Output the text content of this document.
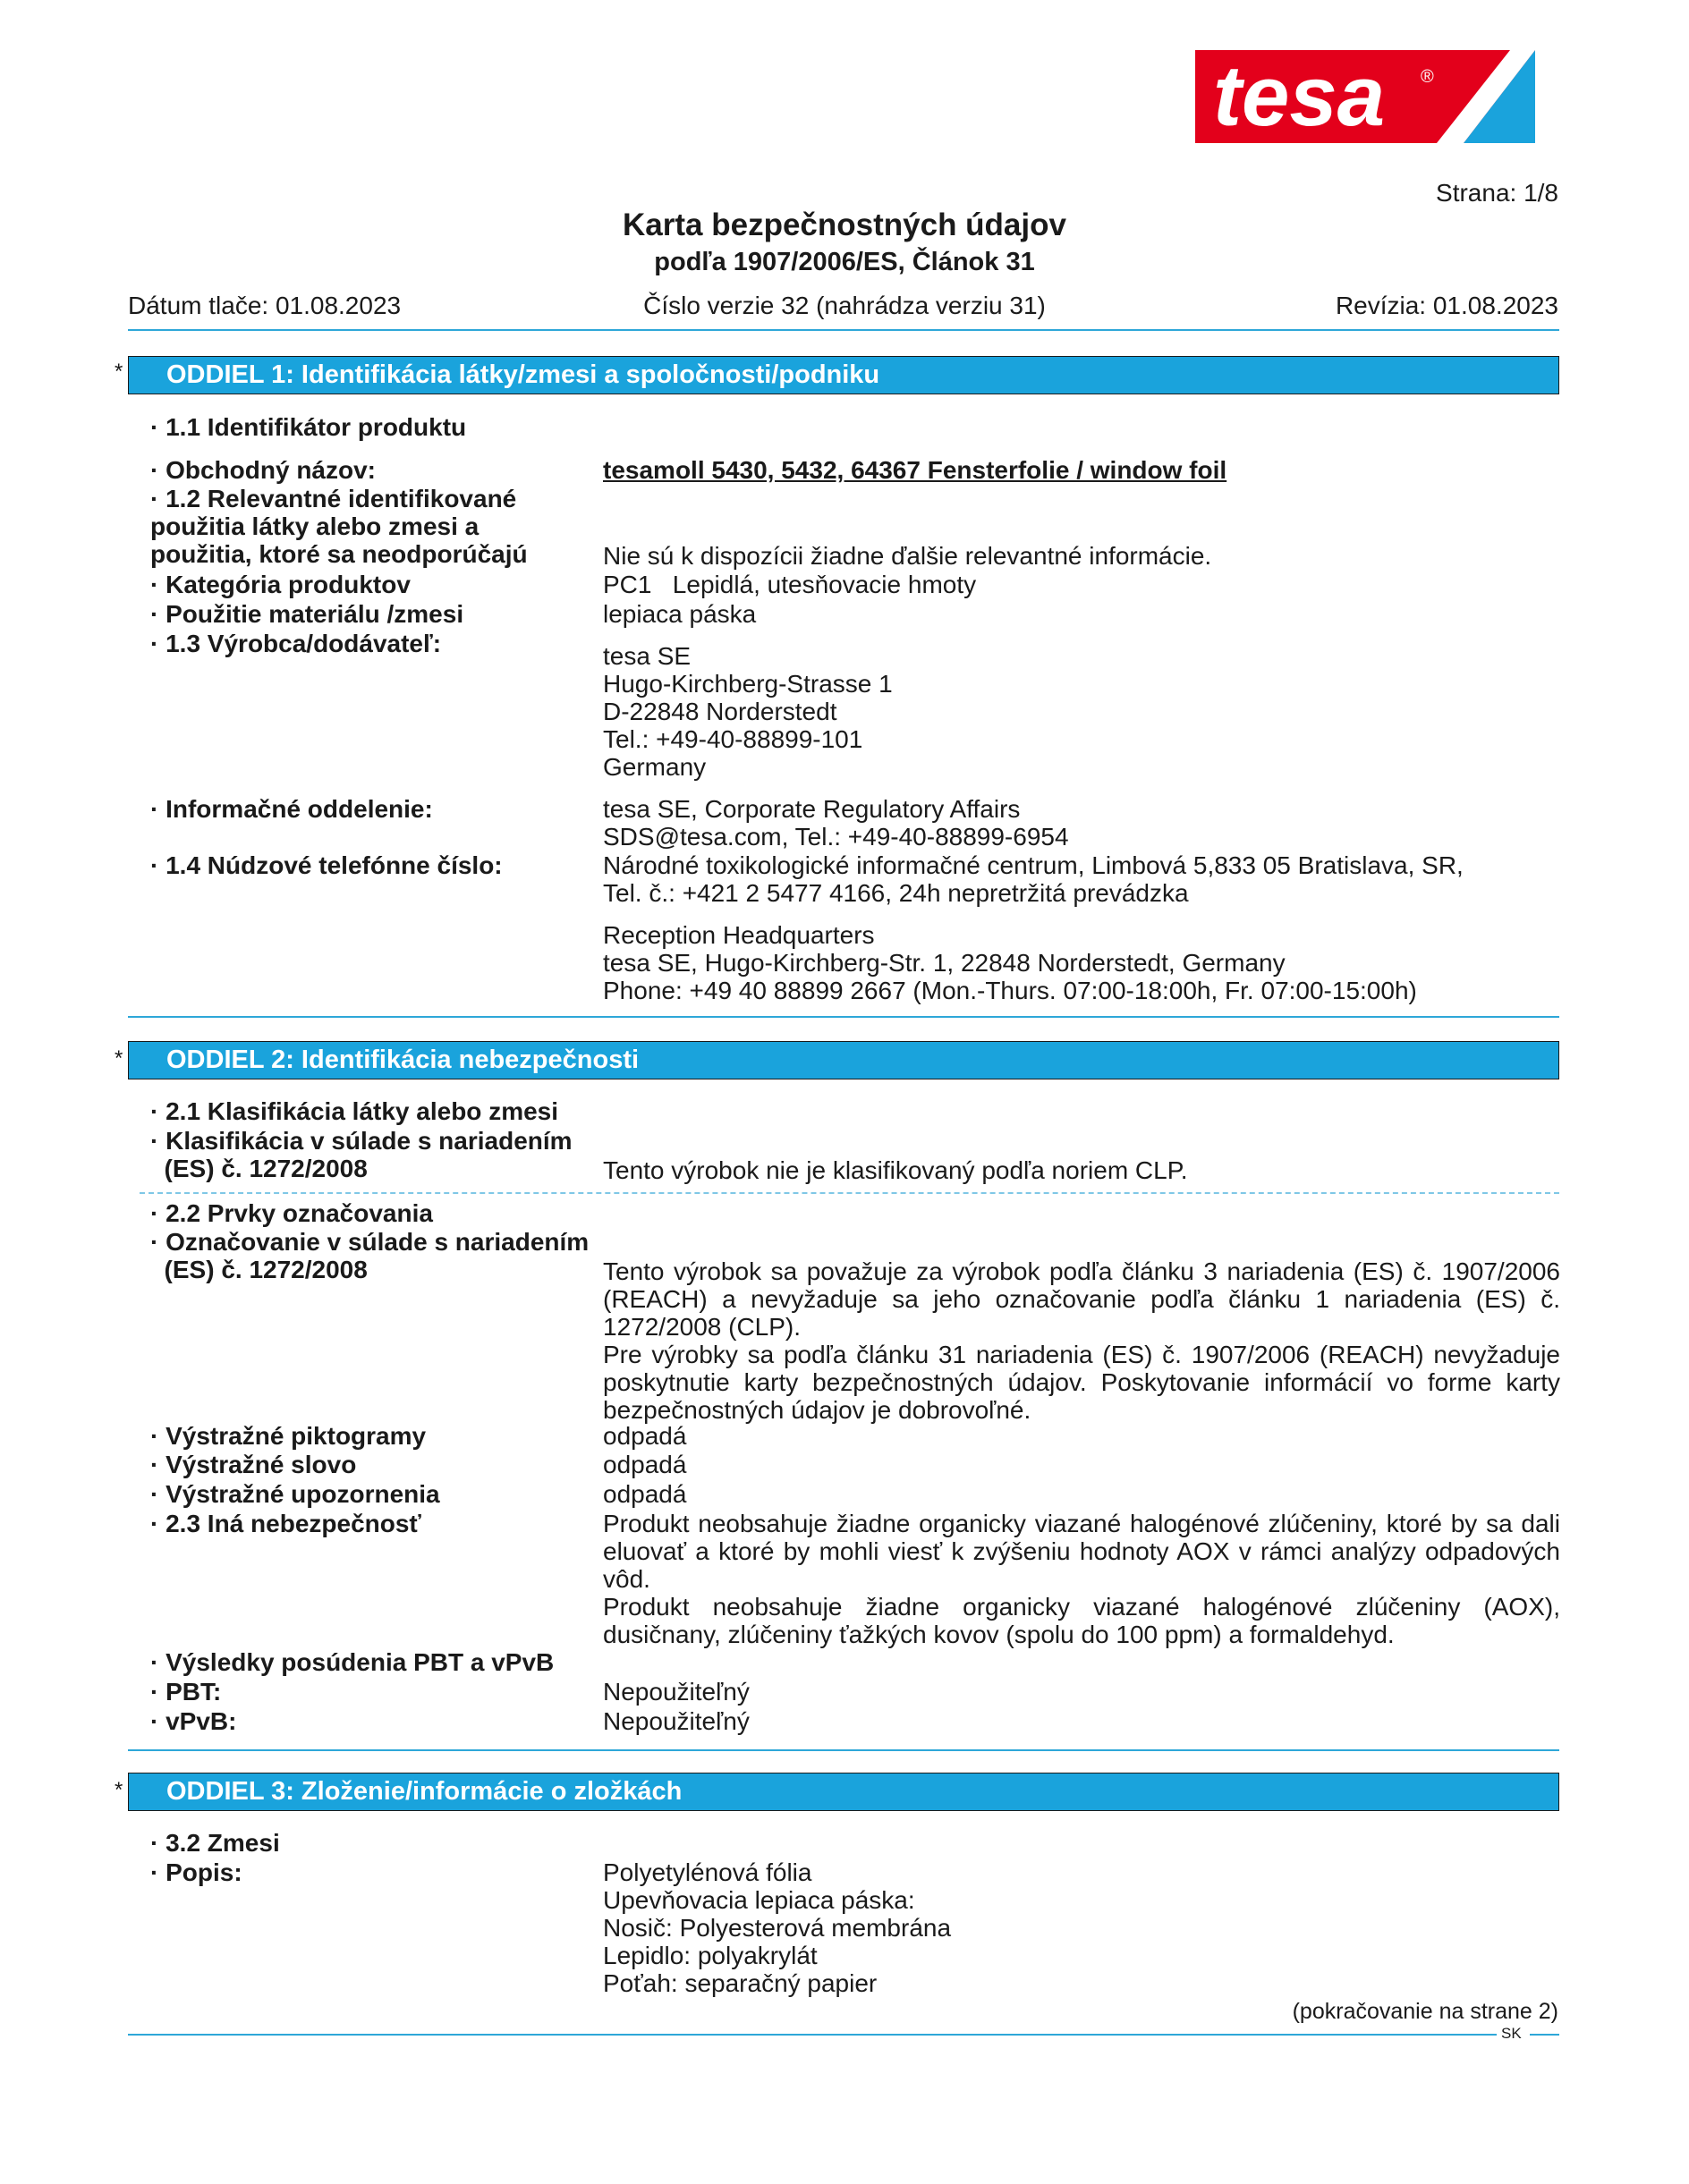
tesa ®
Strana: 1/8
Karta bezpečnostných údajov
podľa 1907/2006/ES, Článok 31
Dátum tlače: 01.08.2023	Číslo verzie 32 (nahrádza verziu 31)	Revízia: 01.08.2023
*	ODDIEL 1: Identifikácia látky/zmesi a spoločnosti/podniku
· 1.1 Identifikátor produktu
· Obchodný názov:	tesamoll 5430, 5432, 64367 Fensterfolie / window foil
· 1.2 Relevantné identifikované
použitia látky alebo zmesi a
použitia, ktoré sa neodporúčajú	Nie sú k dispozícii žiadne ďalšie relevantné informácie.
· Kategória produktov	PC1   Lepidlá, utesňovacie hmoty
· Použitie materiálu /zmesi	lepiaca páska
· 1.3 Výrobca/dodávateľ:	tesa SE
Hugo-Kirchberg-Strasse 1
D-22848 Norderstedt
Tel.: +49-40-88899-101
Germany
· Informačné oddelenie:	tesa SE, Corporate Regulatory Affairs
SDS@tesa.com, Tel.: +49-40-88899-6954
· 1.4 Núdzové telefónne číslo:	Národné toxikologické informačné centrum, Limbová 5,833 05 Bratislava, SR,
Tel. č.: +421 2 5477 4166, 24h nepretržitá prevádzka
Reception Headquarters
tesa SE, Hugo-Kirchberg-Str. 1, 22848 Norderstedt, Germany
Phone: +49 40 88899 2667 (Mon.-Thurs. 07:00-18:00h, Fr. 07:00-15:00h)
*	ODDIEL 2: Identifikácia nebezpečnosti
· 2.1 Klasifikácia látky alebo zmesi
· Klasifikácia v súlade s nariadením
(ES) č. 1272/2008	Tento výrobok nie je klasifikovaný podľa noriem CLP.
· 2.2 Prvky označovania
· Označovanie v súlade s nariadením
(ES) č. 1272/2008	Tento výrobok sa považuje za výrobok podľa článku 3 nariadenia (ES) č. 1907/2006 (REACH) a nevyžaduje sa jeho označovanie podľa článku 1 nariadenia (ES) č. 1272/2008 (CLP).
Pre výrobky sa podľa článku 31 nariadenia (ES) č. 1907/2006 (REACH) nevyžaduje poskytnutie karty bezpečnostných údajov. Poskytovanie informácií vo forme karty bezpečnostných údajov je dobrovoľné.
· Výstražné piktogramy	odpadá
· Výstražné slovo	odpadá
· Výstražné upozornenia	odpadá
· 2.3 Iná nebezpečnosť	Produkt neobsahuje žiadne organicky viazané halogénové zlúčeniny, ktoré by sa dali eluovať a ktoré by mohli viesť k zvýšeniu hodnoty AOX v rámci analýzy odpadových vôd.
Produkt neobsahuje žiadne organicky viazané halogénové zlúčeniny (AOX), dusičnany, zlúčeniny ťažkých kovov (spolu do 100 ppm) a formaldehyd.
· Výsledky posúdenia PBT a vPvB
· PBT:	Nepoužiteľný
· vPvB:	Nepoužiteľný
*	ODDIEL 3: Zloženie/informácie o zložkách
· 3.2 Zmesi
· Popis:	Polyetylénová fólia
Upevňovacia lepiaca páska:
Nosič: Polyesterová membrána
Lepidlo: polyakrylát
Poťah: separačný papier
(pokračovanie na strane 2)
SK
